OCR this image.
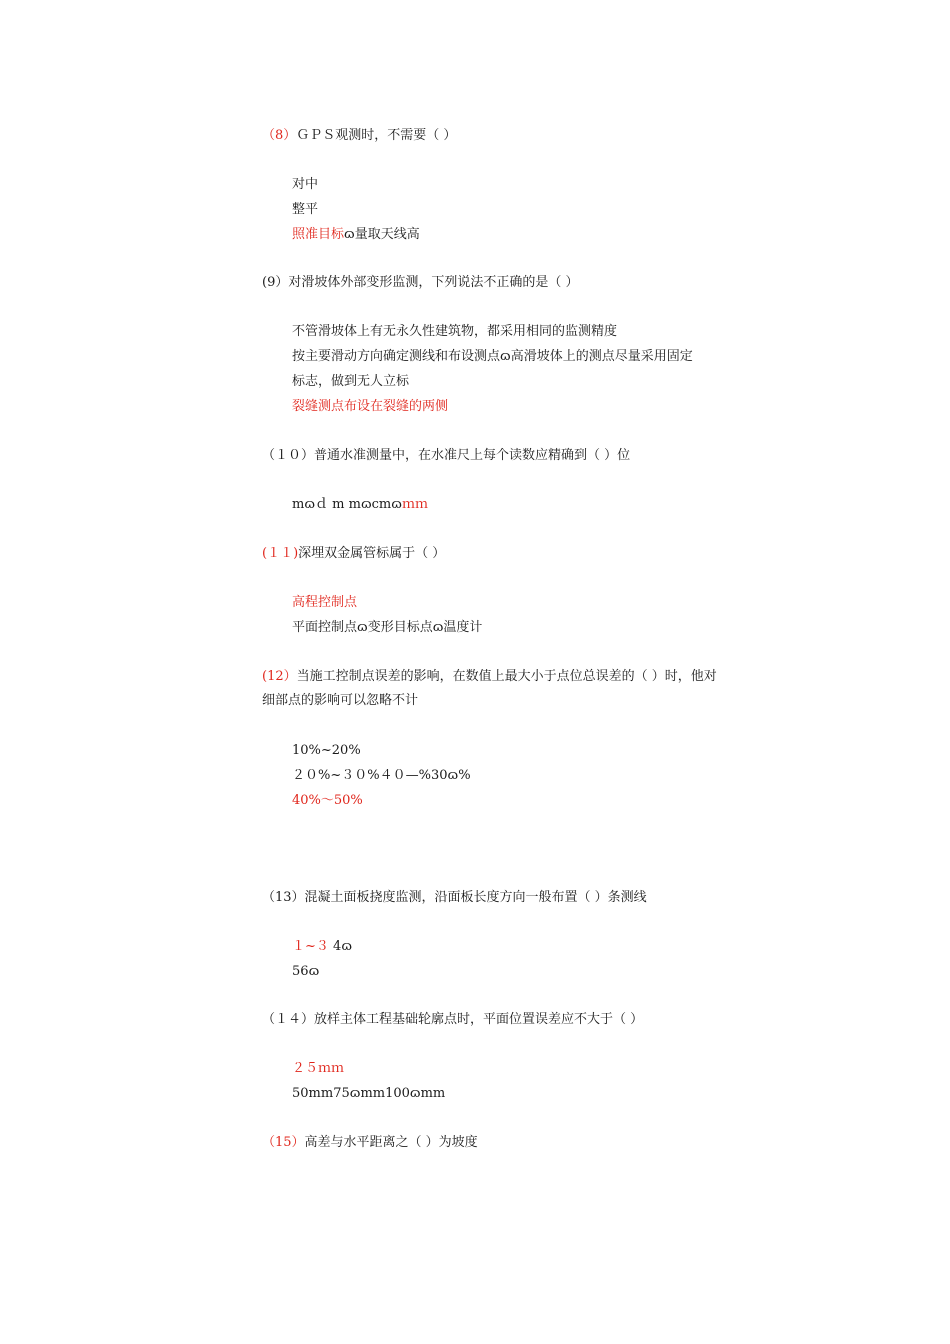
（8）ＧＰＳ观测时，不需要（ ）
对中
整平
照准目标ɷ量取天线高
(9）对滑坡体外部变形监测，下列说法不正确的是（ ）
不管滑坡体上有无永久性建筑物，都采用相同的监测精度
按主要滑动方向确定测线和布设测点ɷ高滑坡体上的测点尽量采用固定
标志，做到无人立标
裂缝测点布设在裂缝的两侧
（１０）普通水准测量中，在水准尺上每个读数应精确到（ ）位
mɷｄ m mɷcmɷｍｍ
(１１)深埋双金属管标属于（ ）
高程控制点
平面控制点ɷ变形目标点ɷ温度计
(12）当施工控制点误差的影响，在数值上最大小于点位总误差的（ ）时，他对
细部点的影响可以忽略不计
10%~20%
２０%~３０%４０—%30ɷ%
40%～50%
（13）混凝土面板挠度监测，沿面板长度方向一般布置（ ）条测线
１~３ 4ɷ
56ɷ
（１４）放样主体工程基础轮廓点时，平面位置误差应不大于（ ）
２５ｍｍ
50mm75ɷmm100ɷmm
（15）高差与水平距离之（ ）为坡度
